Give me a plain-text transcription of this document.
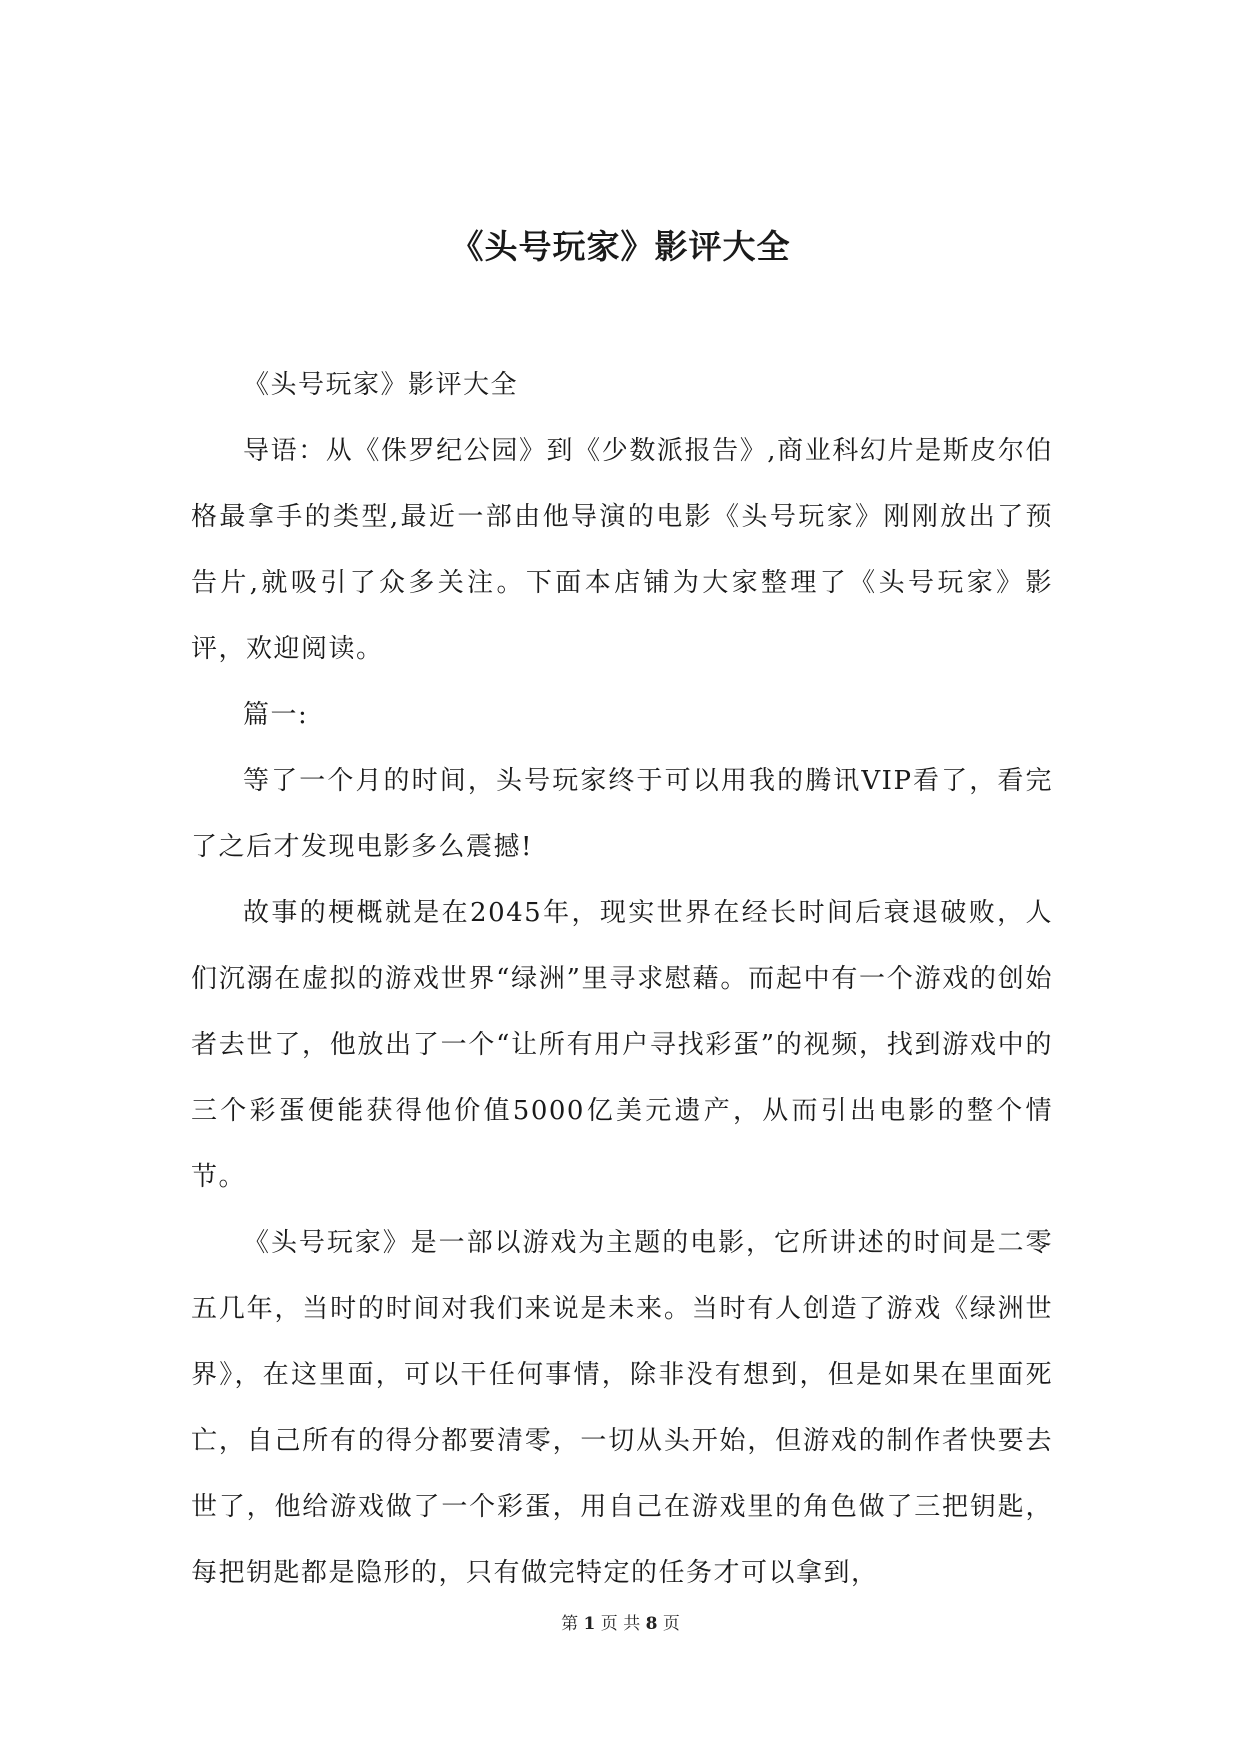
《头号玩家》影评大全

《头号玩家》影评大全

导语：从《侏罗纪公园》到《少数派报告》,商业科幻片是斯皮尔伯格最拿手的类型,最近一部由他导演的电影《头号玩家》刚刚放出了预告片,就吸引了众多关注。下面本店铺为大家整理了《头号玩家》影评，欢迎阅读。

篇一:

等了一个月的时间，头号玩家终于可以用我的腾讯VIP看了，看完了之后才发现电影多么震撼!

故事的梗概就是在2045年，现实世界在经长时间后衰退破败，人们沉溺在虚拟的游戏世界“绿洲”里寻求慰藉。而起中有一个游戏的创始者去世了，他放出了一个“让所有用户寻找彩蛋”的视频，找到游戏中的三个彩蛋便能获得他价值5000亿美元遗产，从而引出电影的整个情节。

《头号玩家》是一部以游戏为主题的电影，它所讲述的时间是二零五几年，当时的时间对我们来说是未来。当时有人创造了游戏《绿洲世界》，在这里面，可以干任何事情，除非没有想到，但是如果在里面死亡，自己所有的得分都要清零，一切从头开始，但游戏的制作者快要去世了，他给游戏做了一个彩蛋，用自己在游戏里的角色做了三把钥匙，每把钥匙都是隐形的，只有做完特定的任务才可以拿到，

第 1 页 共 8 页
